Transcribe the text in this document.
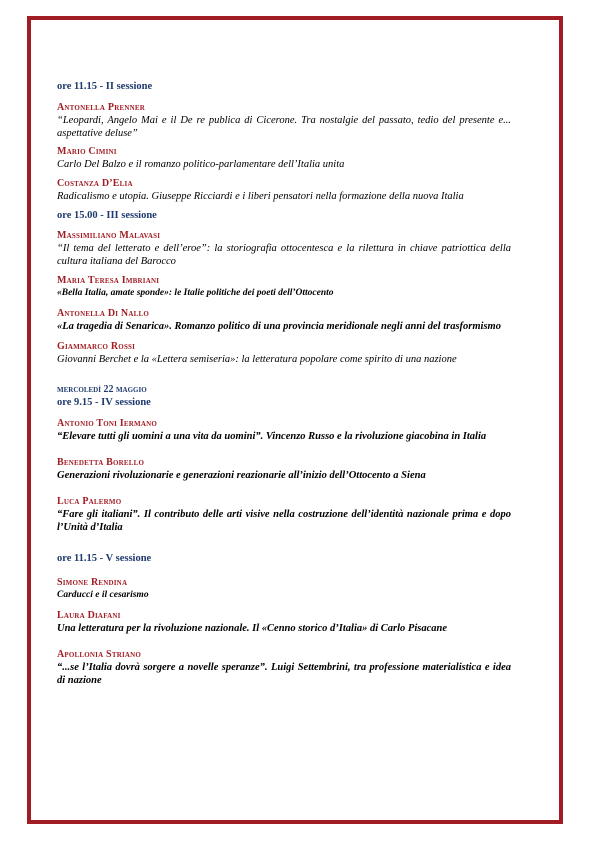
ore 11.15 - II sessione
Antonella Prenner
“Leopardi, Angelo Mai e il De re publica di Cicerone. Tra nostalgie del passato, tedio del presente e... aspettative deluse”
Mario Cimini
Carlo Del Balzo e il romanzo politico-parlamentare dell’Italia unita
Costanza D’Elia
Radicalismo e utopia. Giuseppe Ricciardi e i liberi pensatori nella formazione della nuova Italia
ore 15.00 - III sessione
Massimiliano Malavasi
“Il tema del letterato e dell’eroe”: la storiografia ottocentesca e la rilettura in chiave patriottica della cultura italiana del Barocco
Maria Teresa Imbriani
«Bella Italia, amate sponde»: le Italie politiche dei poeti dell’Ottocento
Antonella Di Nallo
«La tragedia di Senarica». Romanzo politico di una provincia meridionale negli anni del trasformismo
Giammarco Rossi
Giovanni Berchet e la «Lettera semiseria»: la letteratura popolare come spirito di una nazione
mercoledì 22 maggio
ore 9.15 - IV sessione
Antonio Toni Iermano
“Elevare tutti gli uomini a una vita da uomini”. Vincenzo Russo e la rivoluzione giacobina in Italia
Benedetta Borello
Generazioni rivoluzionarie e generazioni reazionarie all’inizio dell’Ottocento a Siena
Luca Palermo
“Fare gli italiani”. Il contributo delle arti visive nella costruzione dell’identità nazionale prima e dopo l’Unità d’Italia
ore 11.15 - V sessione
Simone Rendina
Carducci e il cesarismo
Laura Diafani
Una letteratura per la rivoluzione nazionale. Il «Cenno storico d’Italia» di Carlo Pisacane
Apollonia Striano
“...se l’Italia dovrà sorgere a novelle speranze”. Luigi Settembrini, tra professione materialistica e idea di nazione
